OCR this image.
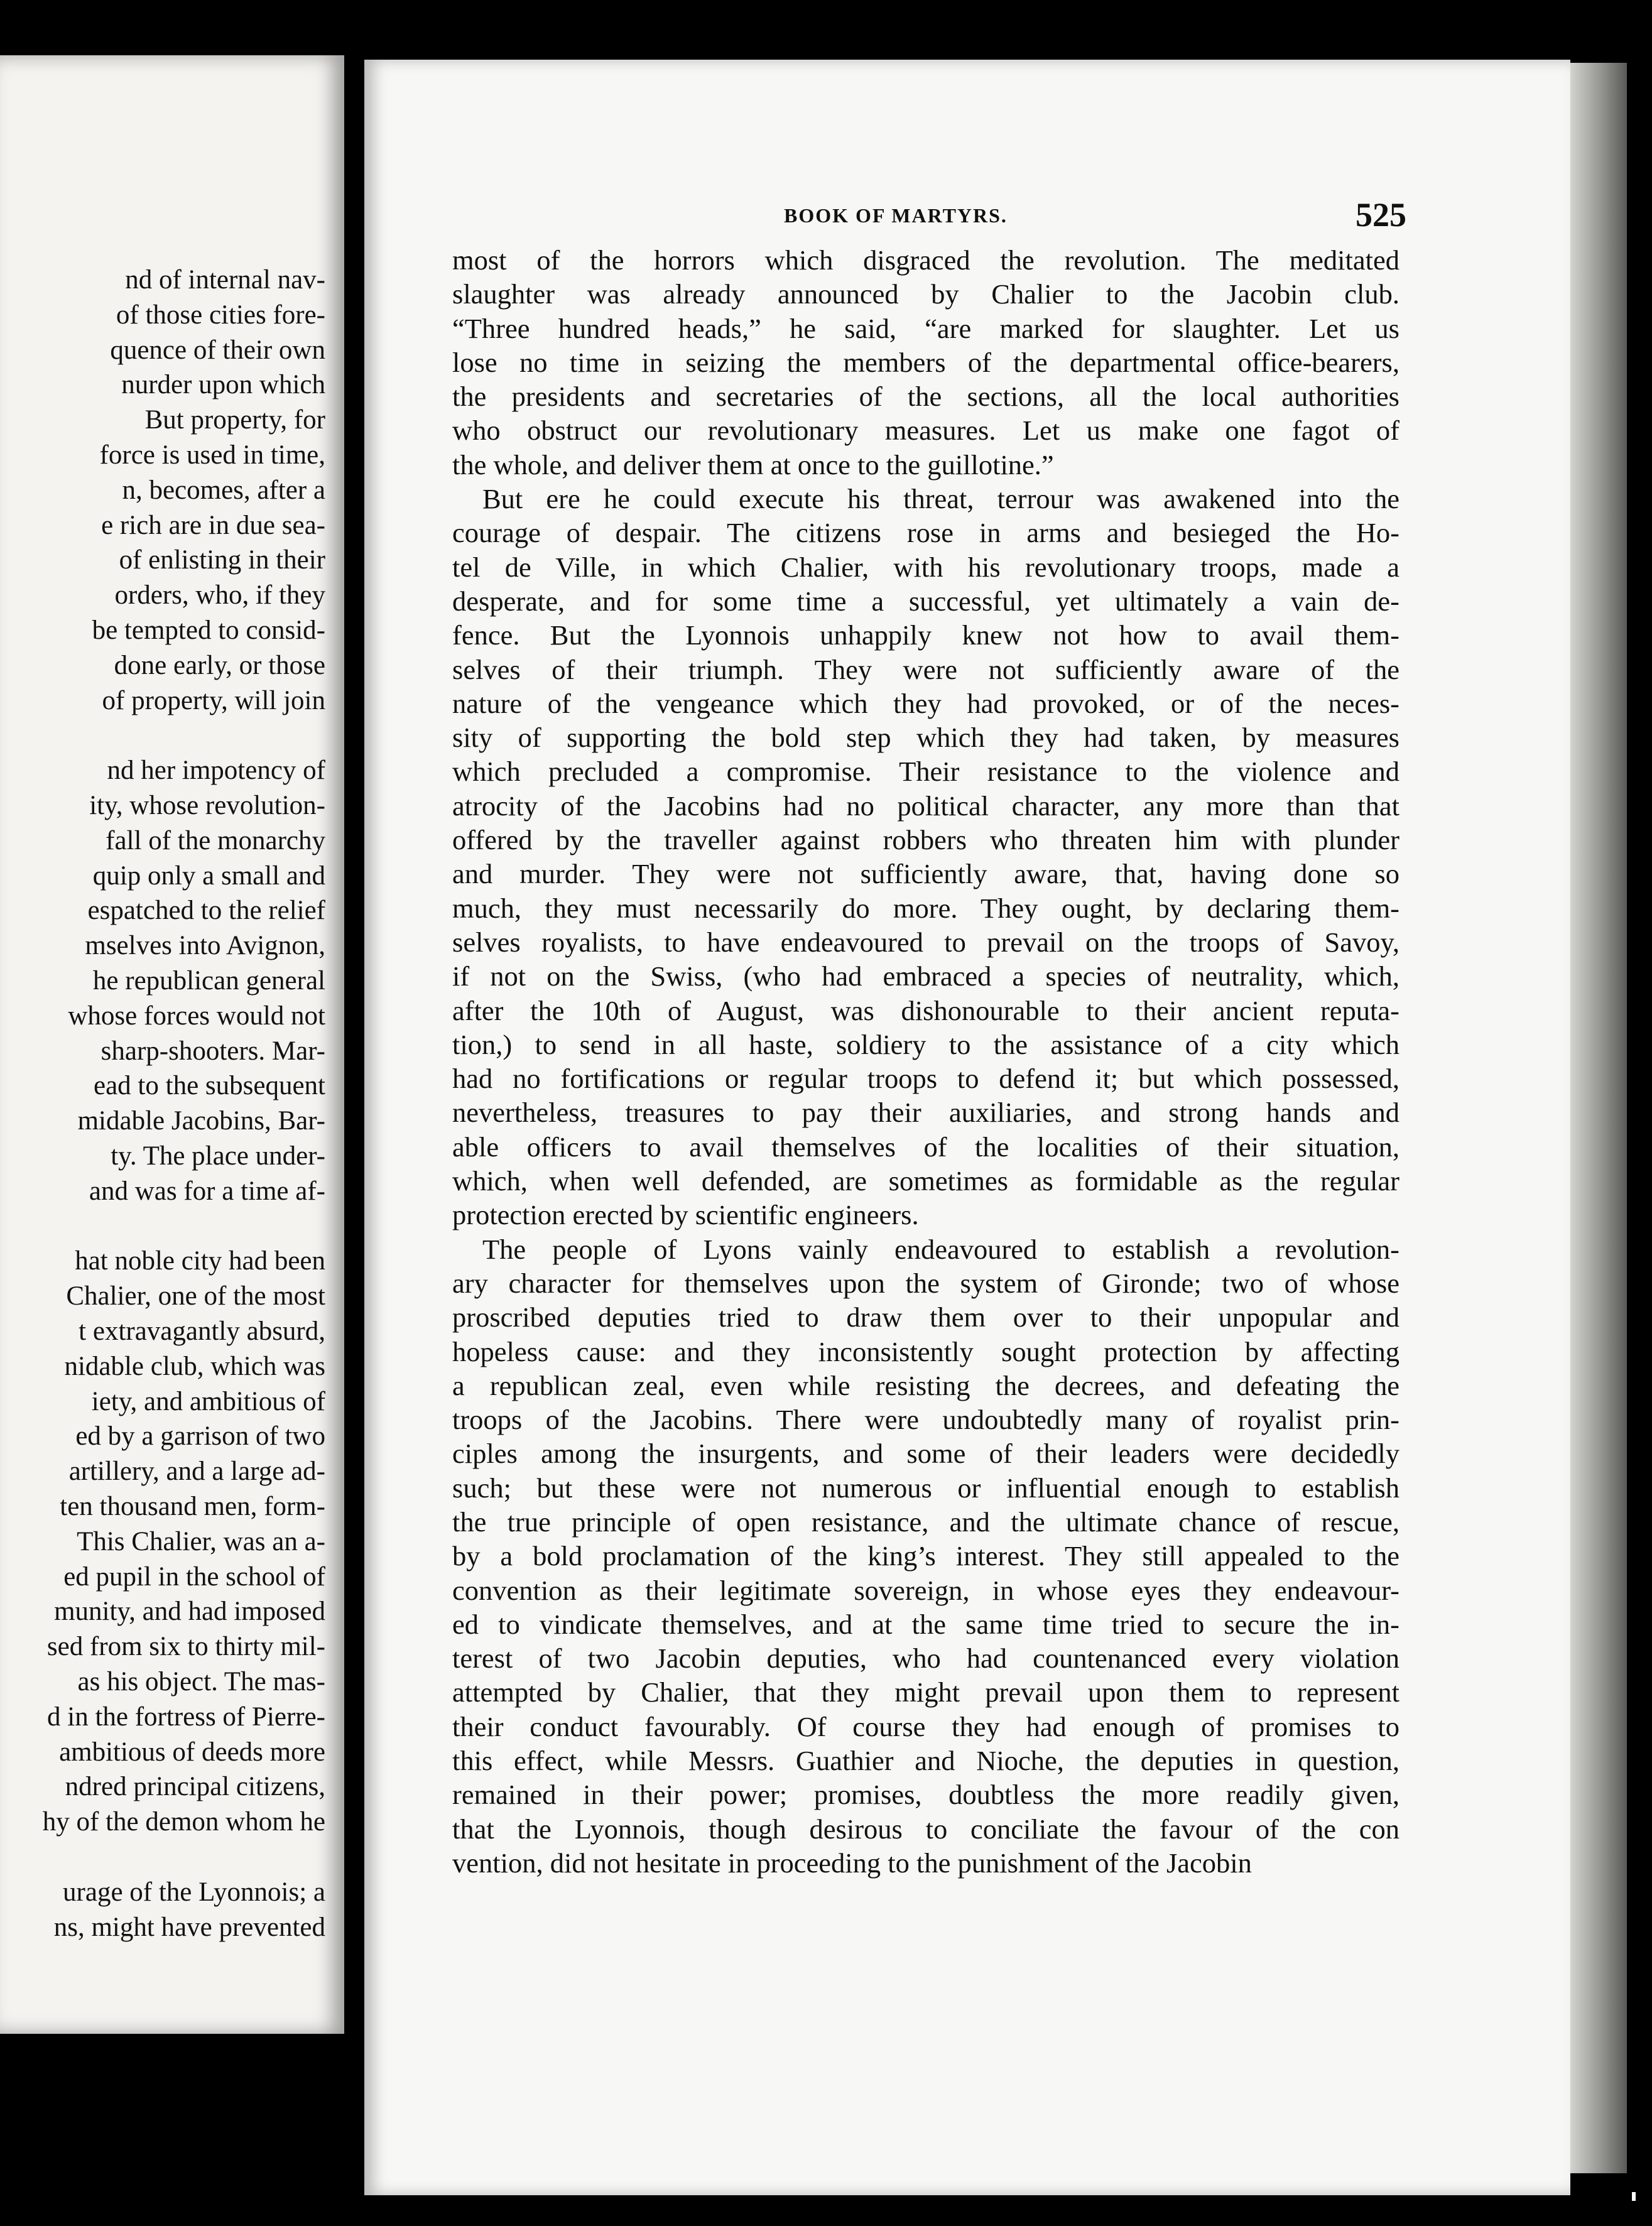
nd of internal nav-
of those cities fore-
quence of their own
nurder upon which
But property, for
force is used in time,
n, becomes, after a
e rich are in due sea-
of enlisting in their
orders, who, if they
be tempted to consid-
done early, or those
of property, will join
nd her impotency of
ity, whose revolution-
fall of the monarchy
quip only a small and
espatched to the relief
mselves into Avignon,
he republican general
whose forces would not
sharp-shooters. Mar-
ead to the subsequent
midable Jacobins, Bar-
ty. The place under-
and was for a time af-
hat noble city had been
Chalier, one of the most
t extravagantly absurd,
nidable club, which was
iety, and ambitious of
ed by a garrison of two
artillery, and a large ad-
ten thousand men, form-
This Chalier, was an a-
ed pupil in the school of
munity, and had imposed
sed from six to thirty mil-
as his object. The mas-
d in the fortress of Pierre-
ambitious of deeds more
ndred principal citizens,
hy of the demon whom he
urage of the Lyonnois; a
ns, might have prevented
BOOK OF MARTYRS.	525
most of the horrors which disgraced the revolution. The meditated
slaughter was already announced by Chalier to the Jacobin club.
“Three hundred heads,” he said, “are marked for slaughter. Let us
lose no time in seizing the members of the departmental office-bearers,
the presidents and secretaries of the sections, all the local authorities
who obstruct our revolutionary measures. Let us make one fagot of
the whole, and deliver them at once to the guillotine.”
But ere he could execute his threat, terrour was awakened into the
courage of despair. The citizens rose in arms and besieged the Ho-
tel de Ville, in which Chalier, with his revolutionary troops, made a
desperate, and for some time a successful, yet ultimately a vain de-
fence. But the Lyonnois unhappily knew not how to avail them-
selves of their triumph. They were not sufficiently aware of the
nature of the vengeance which they had provoked, or of the neces-
sity of supporting the bold step which they had taken, by measures
which precluded a compromise. Their resistance to the violence and
atrocity of the Jacobins had no political character, any more than that
offered by the traveller against robbers who threaten him with plunder
and murder. They were not sufficiently aware, that, having done so
much, they must necessarily do more. They ought, by declaring them-
selves royalists, to have endeavoured to prevail on the troops of Savoy,
if not on the Swiss, (who had embraced a species of neutrality, which,
after the 10th of August, was dishonourable to their ancient reputa-
tion,) to send in all haste, soldiery to the assistance of a city which
had no fortifications or regular troops to defend it; but which possessed,
nevertheless, treasures to pay their auxiliaries, and strong hands and
able officers to avail themselves of the localities of their situation,
which, when well defended, are sometimes as formidable as the regular
protection erected by scientific engineers.
The people of Lyons vainly endeavoured to establish a revolution-
ary character for themselves upon the system of Gironde; two of whose
proscribed deputies tried to draw them over to their unpopular and
hopeless cause: and they inconsistently sought protection by affecting
a republican zeal, even while resisting the decrees, and defeating the
troops of the Jacobins. There were undoubtedly many of royalist prin-
ciples among the insurgents, and some of their leaders were decidedly
such; but these were not numerous or influential enough to establish
the true principle of open resistance, and the ultimate chance of rescue,
by a bold proclamation of the king’s interest. They still appealed to the
convention as their legitimate sovereign, in whose eyes they endeavour-
ed to vindicate themselves, and at the same time tried to secure the in-
terest of two Jacobin deputies, who had countenanced every violation
attempted by Chalier, that they might prevail upon them to represent
their conduct favourably. Of course they had enough of promises to
this effect, while Messrs. Guathier and Nioche, the deputies in question,
remained in their power; promises, doubtless the more readily given,
that the Lyonnois, though desirous to conciliate the favour of the con
vention, did not hesitate in proceeding to the punishment of the Jacobin
